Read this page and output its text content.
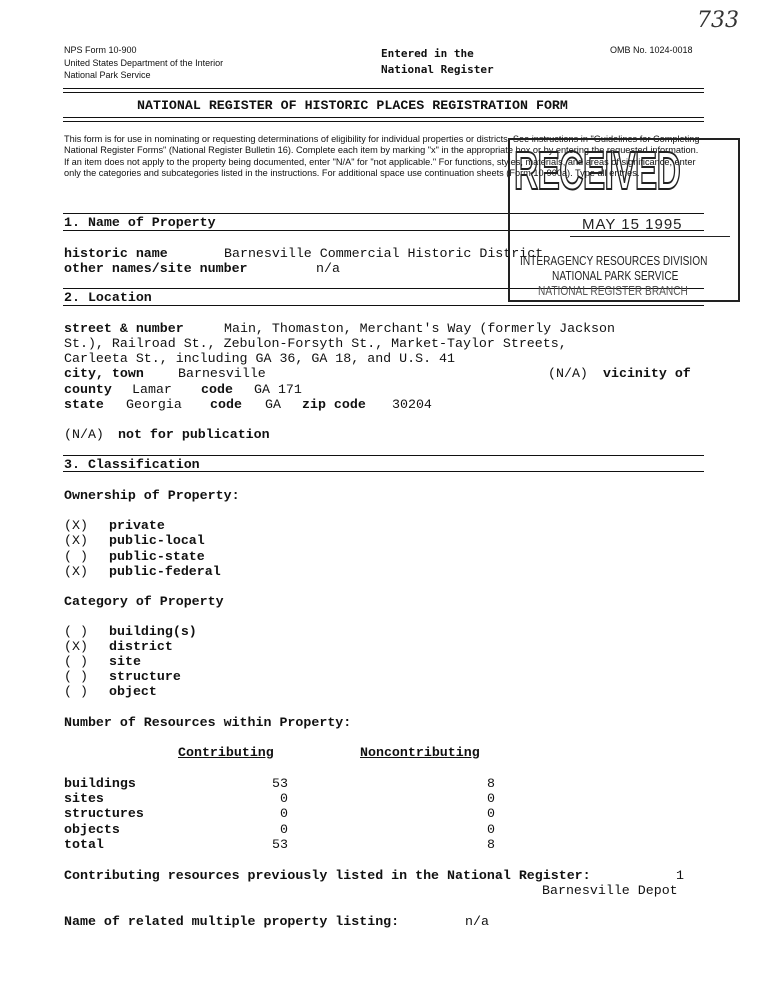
733
NPS Form 10-900
United States Department of the Interior
National Park Service
Entered in the
National Register
OMB No. 1024-0018
NATIONAL REGISTER OF HISTORIC PLACES REGISTRATION FORM
This form is for use in nominating or requesting determinations of eligibility for individual properties or districts. See instructions in "Guidelines for Completing National Register Forms" (National Register Bulletin 16). Complete each item by marking "x" in the appropriate box or by entering the requested information. If an item does not apply to the property being documented, enter "N/A" for "not applicable." For functions, styles, materials, and areas of significance, enter only the categories and subcategories listed in the instructions. For additional space use continuation sheets (Form 10-900a). Type all entries.
1. Name of Property
historic name	Barnesville Commercial Historic District
other names/site number	n/a
2. Location
street & number	Main, Thomaston, Merchant's Way (formerly Jackson
St.), Railroad St., Zebulon-Forsyth St., Market-Taylor Streets,
Carleeta St., including GA 36, GA 18, and U.S. 41
city, town	Barnesville	(N/A) vicinity of
county Lamar code GA 171
state Georgia code GA zip code 30204
(N/A) not for publication
3. Classification
Ownership of Property:
(X) private
(X) public-local
( ) public-state
(X) public-federal
Category of Property
( ) building(s)
(X) district
( ) site
( ) structure
( ) object
Number of Resources within Property:
Contributing	Noncontributing
buildings	53	8
sites	0	0
structures	0	0
objects	0	0
total	53	8
Contributing resources previously listed in the National Register:	1
Barnesville Depot
Name of related multiple property listing:	n/a
RECEIVED
MAY 15 1995
INTERAGENCY RESOURCES DIVISION
NATIONAL PARK SERVICE
NATIONAL REGISTER BRANCH
